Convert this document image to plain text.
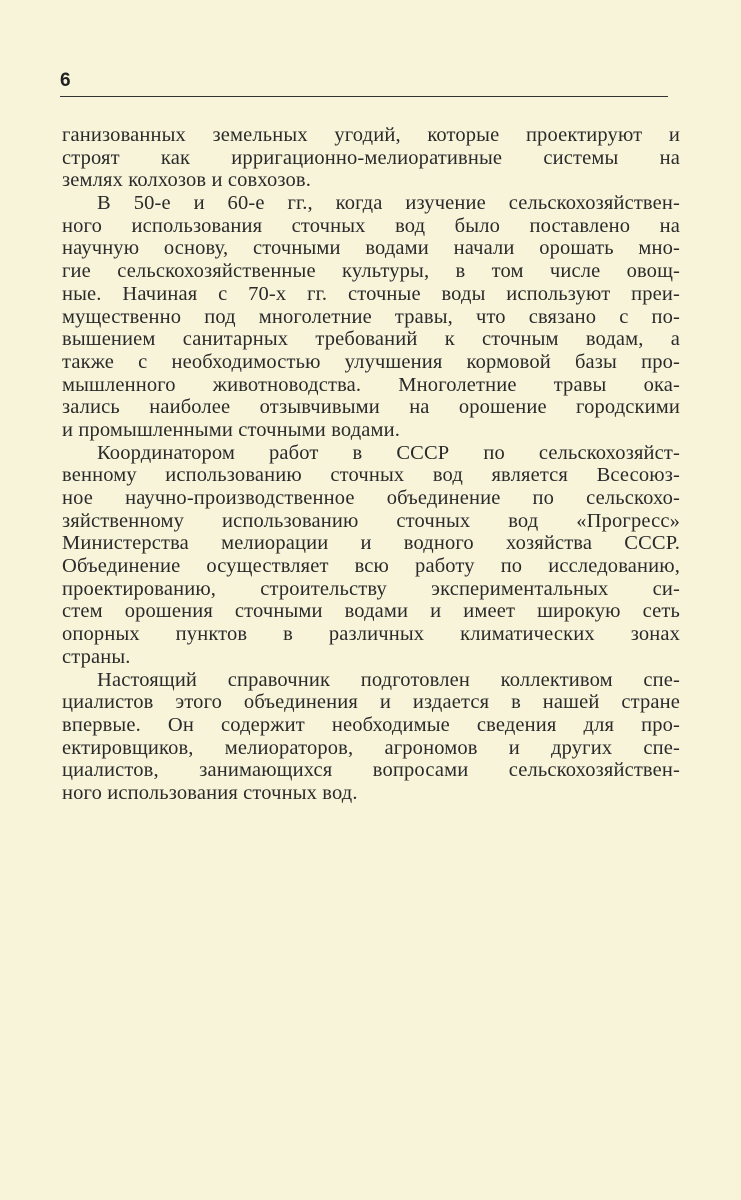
6
ганизованных земельных угодий, которые проектируют и
строят как ирригационно-мелиоративные системы на
землях колхозов и совхозов.
В 50-е и 60-е гг., когда изучение сельскохозяйствен-
ного использования сточных вод было поставлено на
научную основу, сточными водами начали орошать мно-
гие сельскохозяйственные культуры, в том числе овощ-
ные. Начиная с 70-х гг. сточные воды используют преи-
мущественно под многолетние травы, что связано с по-
вышением санитарных требований к сточным водам, а
также с необходимостью улучшения кормовой базы про-
мышленного животноводства. Многолетние травы ока-
зались наиболее отзывчивыми на орошение городскими
и промышленными сточными водами.
Координатором работ в СССР по сельскохозяйст-
венному использованию сточных вод является Всесоюз-
ное научно-производственное объединение по сельскохо-
зяйственному использованию сточных вод «Прогресс»
Министерства мелиорации и водного хозяйства СССР.
Объединение осуществляет всю работу по исследованию,
проектированию, строительству экспериментальных си-
стем орошения сточными водами и имеет широкую сеть
опорных пунктов в различных климатических зонах
страны.
Настоящий справочник подготовлен коллективом спе-
циалистов этого объединения и издается в нашей стране
впервые. Он содержит необходимые сведения для про-
ектировщиков, мелиораторов, агрономов и других спе-
циалистов, занимающихся вопросами сельскохозяйствен-
ного использования сточных вод.
